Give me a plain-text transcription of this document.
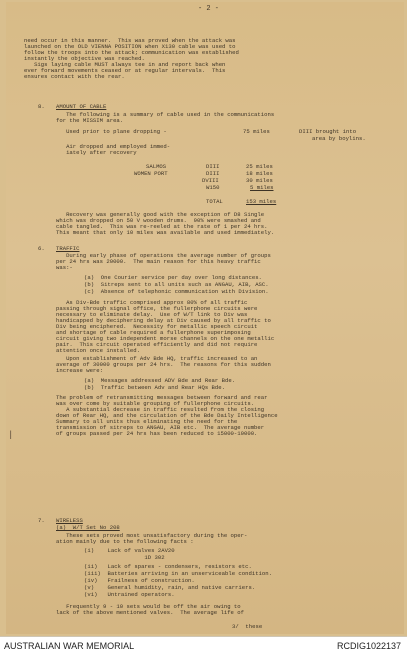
- 2 -
need occur in this manner.  This was proved when the attack was
launched on the OLD VIENNA POSITION when X130 cable was used to
follow the troops into the attack; communication was established
instantly the objective was reached.
Sigs laying cable MUST always tee in and report back when
ever forward movements ceased or at regular intervals.  This
ensures contact with the rear.
8. AMOUNT OF CABLE
The following is a summary of cable used in the communications
for the MISSIM area.
Used prior to plane dropping -	75 miles	DIII brought into
area by boylins.
Air dropped and employed immed-
iately after recovery
SALMOS	DIII	25 miles
WOMEN PORT	DIII	18 miles
DVIII	30 miles
W150	5 miles
TOTAL	153 miles
Recovery was generally good with the exception of D8 Single
which was dropped on 50 V wooden drums.  90% were smashed and
cable tangled.  This was re-reeled at the rate of 1 per 24 hrs.
This meant that only 10 miles was available and used immediately.
6. TRAFFIC
During early phase of operations the average number of groups
per 24 hrs was 20000.  The main reason for this heavy traffic
was:-
(a)  One Courier service per day over long distances.
(b)  Sitreps sent to all units such as ANGAU, AIB, ASC.
(c)  Absence of telephonic communication with Division.
As Div-Bde traffic comprised approx 80% of all traffic
passing through signal office, the fullerphone circuits were
necessary to eliminate delay.  Use of W/T link to Div was
handicapped by deciphering delay at Div caused by all traffic to
Div being enciphered.  Necessity for metallic speech circuit
and shortage of cable required a fullerphone superimposing
circuit giving two independent morse channels on the one metallic
pair.  This circuit operated efficiently and did not require
attention once installed.
Upon establishment of Adv Bde HQ, traffic increased to an
average of 30000 groups per 24 hrs.  The reasons for this sudden
increase were:
(a)  Messages addressed ADV Bde and Rear Bde.
(b)  Traffic between Adv and Rear HQs Bde.
The problem of retransmitting messages between forward and rear
was over come by suitable grouping of fullerphone circuits.
A substantial decrease in traffic resulted from the closing
down of Rear HQ, and the circulation of the Bde Daily Intelligence
Summary to all units thus eliminating the need for the
transmission of sitreps to ANGAU, AIB etc.  The average number
of groups passed per 24 hrs has been reduced to 15000-10000.
7. WIRELESS
(a)  W/T Set No 208
These sets proved most unsatisfactory during the oper-
ation mainly due to the following facts :
(i)    Lack of valves 2AV20
1D 302
(ii)   Lack of spares - condensers, resistors etc.
(iii)  Batteries arriving in an unserviceable condition.
(iv)   Frailness of construction.
(v)    General humidity, rain, and native carriers.
(vi)   Untrained operators.
Frequently 9 - 10 sets would be off the air owing to
lack of the above mentioned valves.  The average life of
3/  these
|
AUSTRALIAN WAR MEMORIAL	RCDIG1022137
